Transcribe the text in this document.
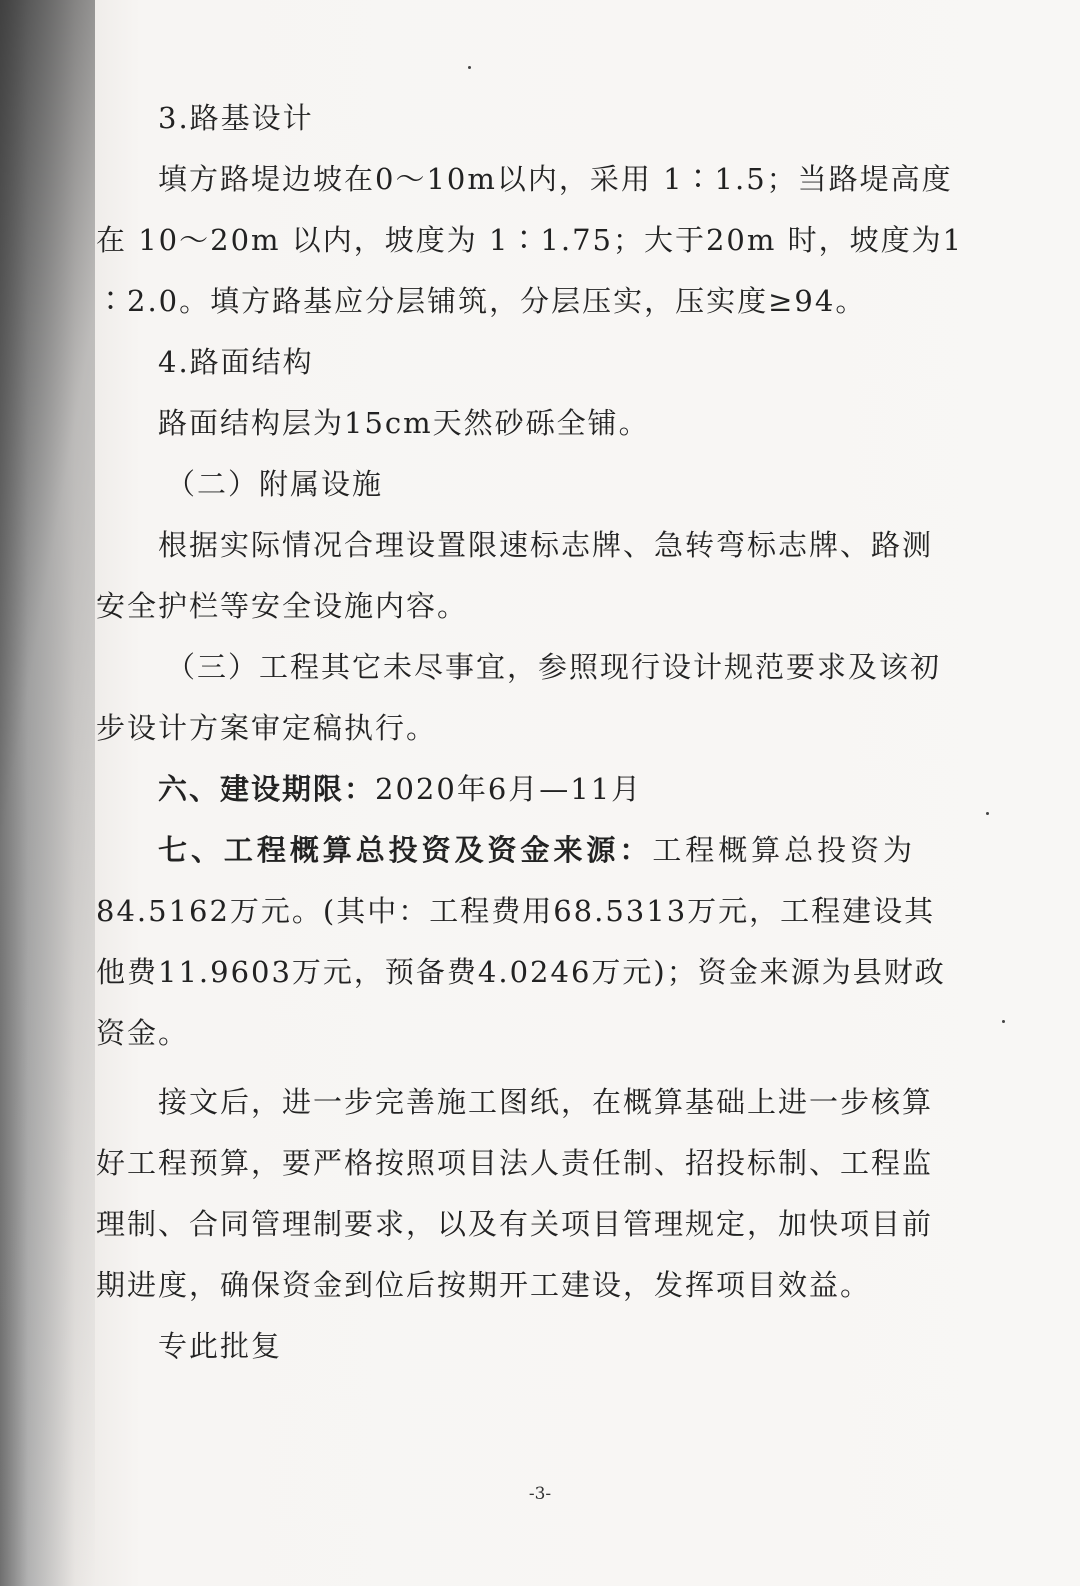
3.路基设计
填方路堤边坡在0～10m以内，采用 1∶1.5；当路堤高度
在 10～20m 以内，坡度为 1∶1.75；大于20m 时，坡度为1
∶2.0。填方路基应分层铺筑，分层压实，压实度≥94。
4.路面结构
路面结构层为15cm天然砂砾全铺。
（二）附属设施
根据实际情况合理设置限速标志牌、急转弯标志牌、路测
安全护栏等安全设施内容。
（三）工程其它未尽事宜，参照现行设计规范要求及该初
步设计方案审定稿执行。
六、建设期限：2020年6月—11月
七、工程概算总投资及资金来源：工程概算总投资为
84.5162万元。(其中：工程费用68.5313万元，工程建设其
他费11.9603万元，预备费4.0246万元)；资金来源为县财政
资金。
接文后，进一步完善施工图纸，在概算基础上进一步核算
好工程预算，要严格按照项目法人责任制、招投标制、工程监
理制、合同管理制要求，以及有关项目管理规定，加快项目前
期进度，确保资金到位后按期开工建设，发挥项目效益。
专此批复
-3-
